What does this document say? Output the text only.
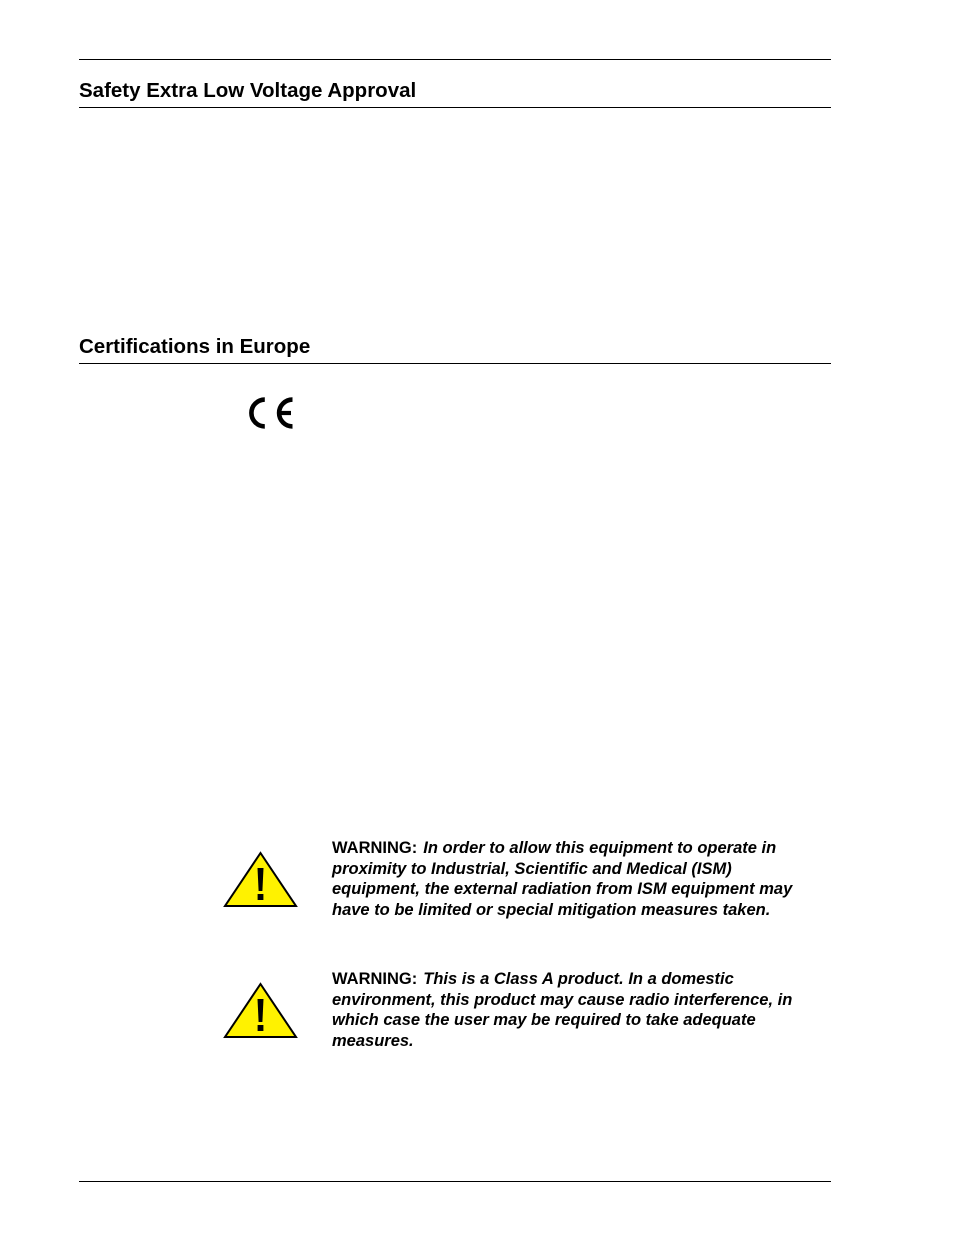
Safety Extra Low Voltage Approval
Certifications in Europe

WARNING: In order to allow this equipment to operate in proximity to Industrial, Scientific and Medical (ISM) equipment, the external radiation from ISM equipment may have to be limited or special mitigation measures taken.

WARNING: This is a Class A product. In a domestic environment, this product may cause radio interference, in which case the user may be required to take adequate measures.
